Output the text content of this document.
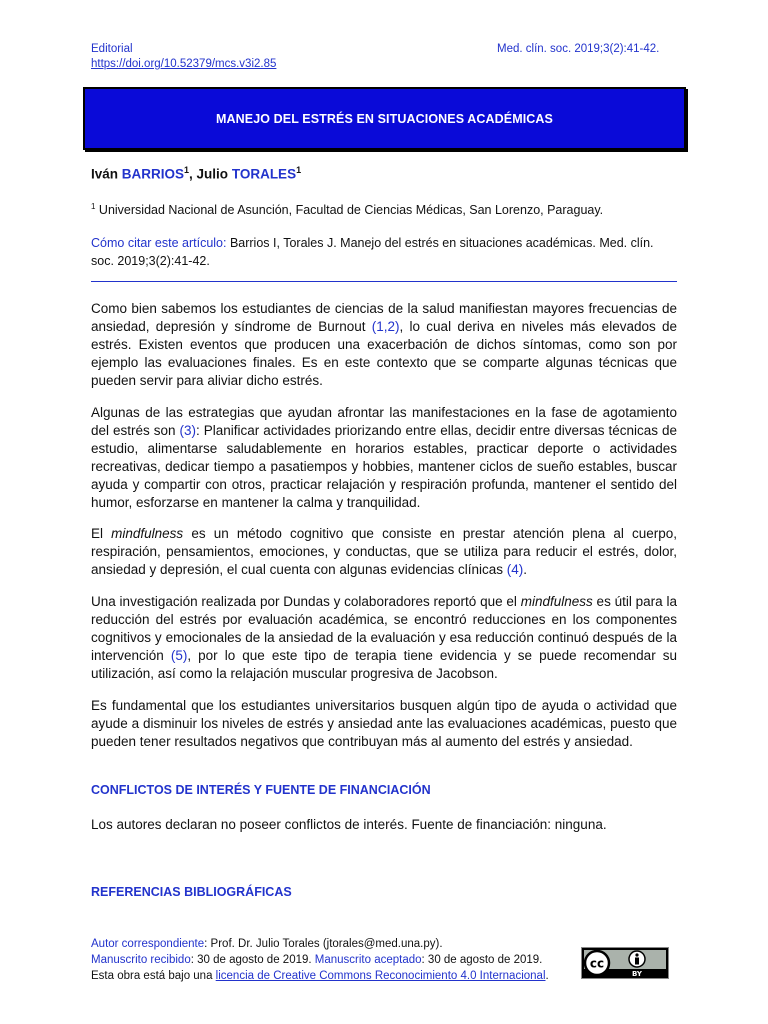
Editorial
https://doi.org/10.52379/mcs.v3i2.85
Med. clín. soc. 2019;3(2):41-42.
MANEJO DEL ESTRÉS EN SITUACIONES ACADÉMICAS
Iván BARRIOS$^1$, Julio TORALES$^1$
$^1$ Universidad Nacional de Asunción, Facultad de Ciencias Médicas, San Lorenzo, Paraguay.
Cómo citar este artículo: Barrios I, Torales J. Manejo del estrés en situaciones académicas. Med. clín. soc. 2019;3(2):41-42.

Como bien sabemos los estudiantes de ciencias de la salud manifiestan mayores frecuencias de ansiedad, depresión y síndrome de Burnout (1,2), lo cual deriva en niveles más elevados de estrés. Existen eventos que producen una exacerbación de dichos síntomas, como son por ejemplo las evaluaciones finales. Es en este contexto que se comparte algunas técnicas que pueden servir para aliviar dicho estrés.

Algunas de las estrategias que ayudan afrontar las manifestaciones en la fase de agotamiento del estrés son (3): Planificar actividades priorizando entre ellas, decidir entre diversas técnicas de estudio, alimentarse saludablemente en horarios estables, practicar deporte o actividades recreativas, dedicar tiempo a pasatiempos y hobbies, mantener ciclos de sueño estables, buscar ayuda y compartir con otros, practicar relajación y respiración profunda, mantener el sentido del humor, esforzarse en mantener la calma y tranquilidad.

El mindfulness es un método cognitivo que consiste en prestar atención plena al cuerpo, respiración, pensamientos, emociones, y conductas, que se utiliza para reducir el estrés, dolor, ansiedad y depresión, el cual cuenta con algunas evidencias clínicas (4).

Una investigación realizada por Dundas y colaboradores reportó que el mindfulness es útil para la reducción del estrés por evaluación académica, se encontró reducciones en los componentes cognitivos y emocionales de la ansiedad de la evaluación y esa reducción continuó después de la intervención (5), por lo que este tipo de terapia tiene evidencia y se puede recomendar su utilización, así como la relajación muscular progresiva de Jacobson.

Es fundamental que los estudiantes universitarios busquen algún tipo de ayuda o actividad que ayude a disminuir los niveles de estrés y ansiedad ante las evaluaciones académicas, puesto que pueden tener resultados negativos que contribuyan más al aumento del estrés y ansiedad.

CONFLICTOS DE INTERÉS Y FUENTE DE FINANCIACIÓN

Los autores declaran no poseer conflictos de interés. Fuente de financiación: ninguna.

REFERENCIAS BIBLIOGRÁFICAS
Autor correspondiente: Prof. Dr. Julio Torales (jtorales@med.una.py).
Manuscrito recibido: 30 de agosto de 2019. Manuscrito aceptado: 30 de agosto de 2019.
Esta obra está bajo una licencia de Creative Commons Reconocimiento 4.0 Internacional.
cc
BY
